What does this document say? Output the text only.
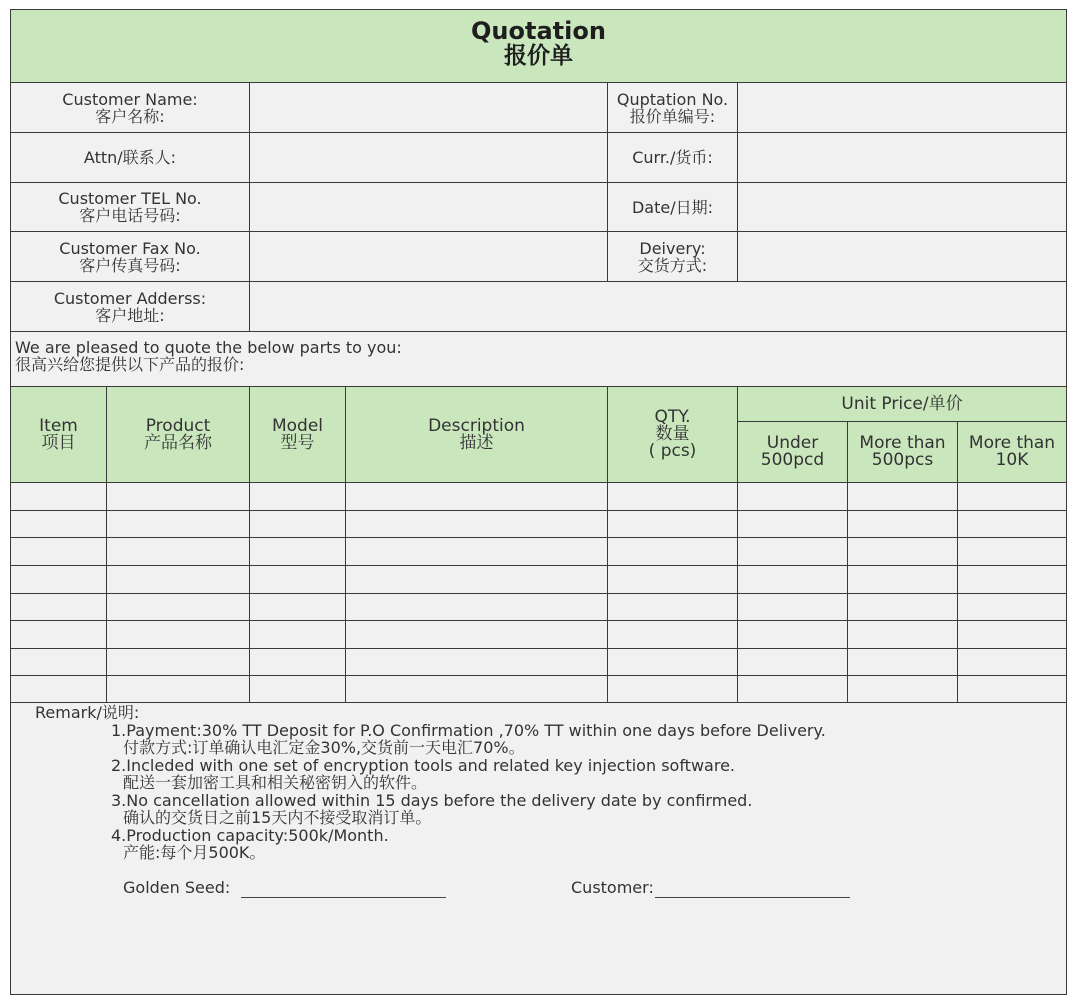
Quotation
报价单
Customer Name:
客户名称:
Attn/联系人:
Customer TEL No.
客户电话号码:
Customer Fax No.
客户传真号码:
Customer Adderss:
客户地址:
Quptation No.
报价单编号:
Curr./货币:
Date/日期:
Deivery:
交货方式:
We are pleased to quote the below parts to you:
很高兴给您提供以下产品的报价:
Item
项目
Product
产品名称
Model
型号
Description
描述
QTY.
数量
( pcs)
Unit Price/单价
Under
500pcd
More than
500pcs
More than
10K
Remark/说明:
1.Payment:30% TT Deposit for P.O Confirmation ,70% TT within one days before Delivery.
付款方式:订单确认电汇定金30%,交货前一天电汇70%。
2.Incleded with one set of encryption tools and related key injection software.
配送一套加密工具和相关秘密钥入的软件。
3.No cancellation allowed within 15 days before the delivery date by confirmed.
确认的交货日之前15天内不接受取消订单。
4.Production capacity:500k/Month.
产能:每个月500K。
Golden Seed:	Customer:
